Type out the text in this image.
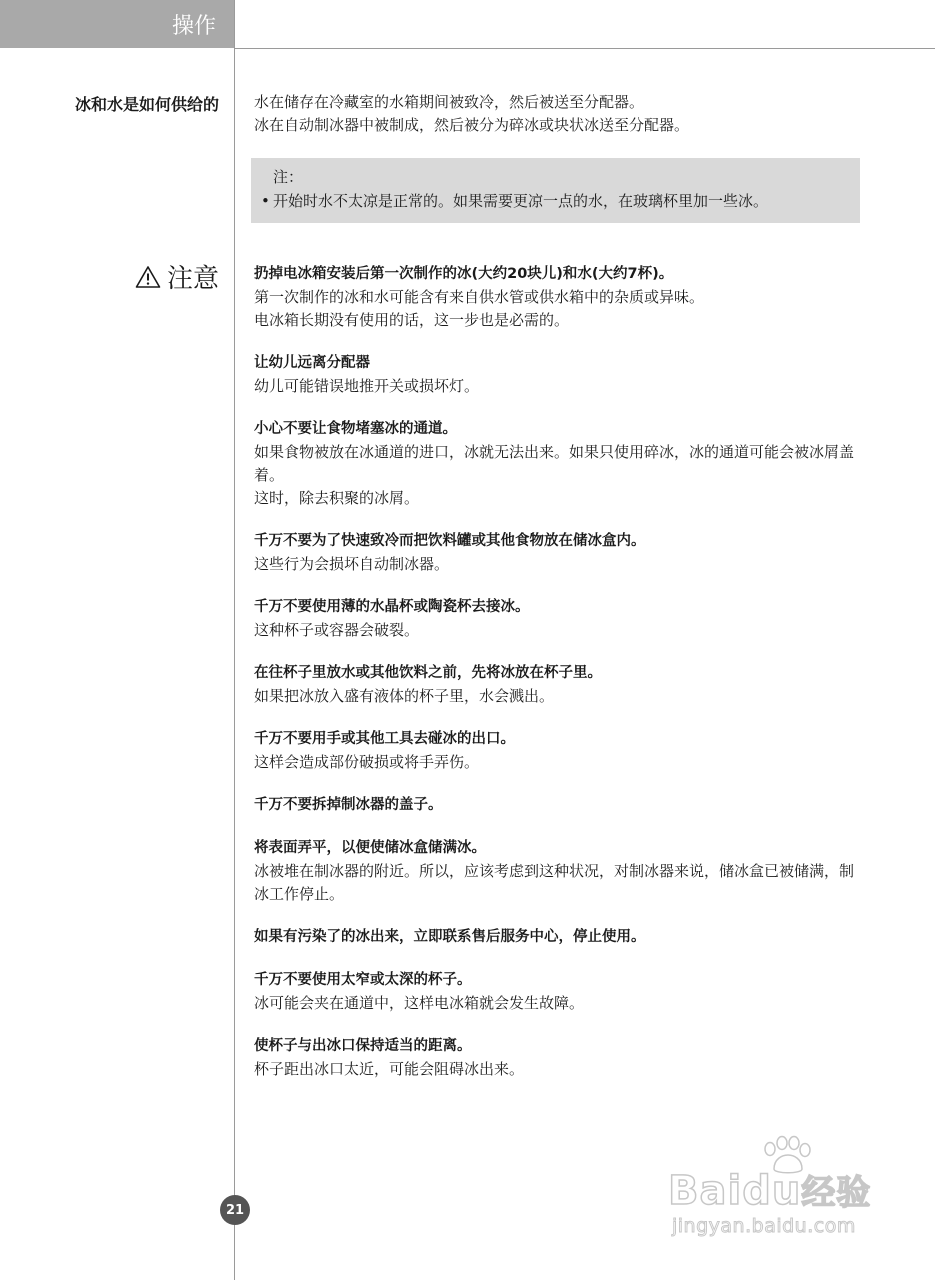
操作
冰和水是如何供给的 水在储存在冷藏室的水箱期间被致冷，然后被送至分配器。

冰在自动制冰器中被制成，然后被分为碎冰或块状冰送至分配器。

注：

• 开始时水不太凉是正常的。如果需要更凉一点的水，在玻璃杯里加一些冰。

注意 扔掉电冰箱安装后第一次制作的冰(大约20块儿)和水(大约7杯)。

第一次制作的冰和水可能含有来自供水管或供水箱中的杂质或异味。

电冰箱长期没有使用的话，这一步也是必需的。

让幼儿远离分配器

幼儿可能错误地推开关或损坏灯。

小心不要让食物堵塞冰的通道。

如果食物被放在冰通道的进口，冰就无法出来。如果只使用碎冰，冰的通道可能会被冰屑盖着。

这时，除去积聚的冰屑。

千万不要为了快速致冷而把饮料罐或其他食物放在储冰盒内。

这些行为会损坏自动制冰器。

千万不要使用薄的水晶杯或陶瓷杯去接冰。

这种杯子或容器会破裂。

在往杯子里放水或其他饮料之前，先将冰放在杯子里。

如果把冰放入盛有液体的杯子里，水会溅出。

千万不要用手或其他工具去碰冰的出口。

这样会造成部份破损或将手弄伤。

千万不要拆掉制冰器的盖子。

将表面弄平，以便使储冰盒储满冰。

冰被堆在制冰器的附近。所以，应该考虑到这种状况，对制冰器来说，储冰盒已被储满，制冰工作停止。

如果有污染了的冰出来，立即联系售后服务中心，停止使用。

千万不要使用太窄或太深的杯子。

冰可能会夹在通道中，这样电冰箱就会发生故障。

使杯子与出冰口保持适当的距离。

杯子距出冰口太近，可能会阻碍冰出来。

21	Baidu经验
jingyan.baidu.com
